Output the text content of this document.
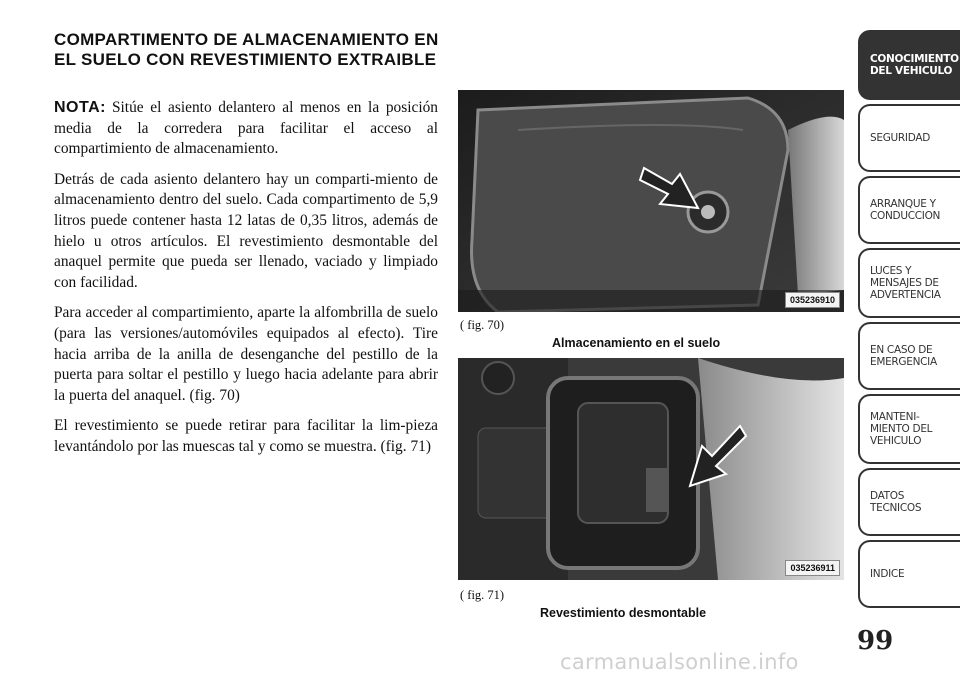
COMPARTIMENTO DE ALMACENAMIENTO EN EL SUELO CON REVESTIMIENTO EXTRAIBLE

NOTA: Sitúe el asiento delantero al menos en la posición media de la corredera para facilitar el acceso al compartimiento de almacenamiento.

Detrás de cada asiento delantero hay un comparti-miento de almacenamiento dentro del suelo. Cada compartimento de 5,9 litros puede contener hasta 12 latas de 0,35 litros, además de hielo u otros artículos. El revestimiento desmontable del anaquel permite que pueda ser llenado, vaciado y limpiado con facilidad.

Para acceder al compartimiento, aparte la alfombrilla de suelo (para las versiones/automóviles equipados al efecto). Tire hacia arriba de la anilla de desenganche del pestillo de la puerta para soltar el pestillo y luego hacia adelante para abrir la puerta del anaquel. (fig. 70)

El revestimiento se puede retirar para facilitar la lim-pieza levantándolo por las muescas tal y como se muestra. (fig. 71)

035236910
( fig. 70)
Almacenamiento en el suelo
035236911
( fig. 71)
Revestimiento desmontable
CONOCIMIENTO
DEL VEHICULO
SEGURIDAD
ARRANQUE Y
CONDUCCION
LUCES Y
MENSAJES DE
ADVERTENCIA
EN CASO DE
EMERGENCIA
MANTENI-
MIENTO DEL
VEHICULO
DATOS
TECNICOS
INDICE
99
carmanualsonline.info
